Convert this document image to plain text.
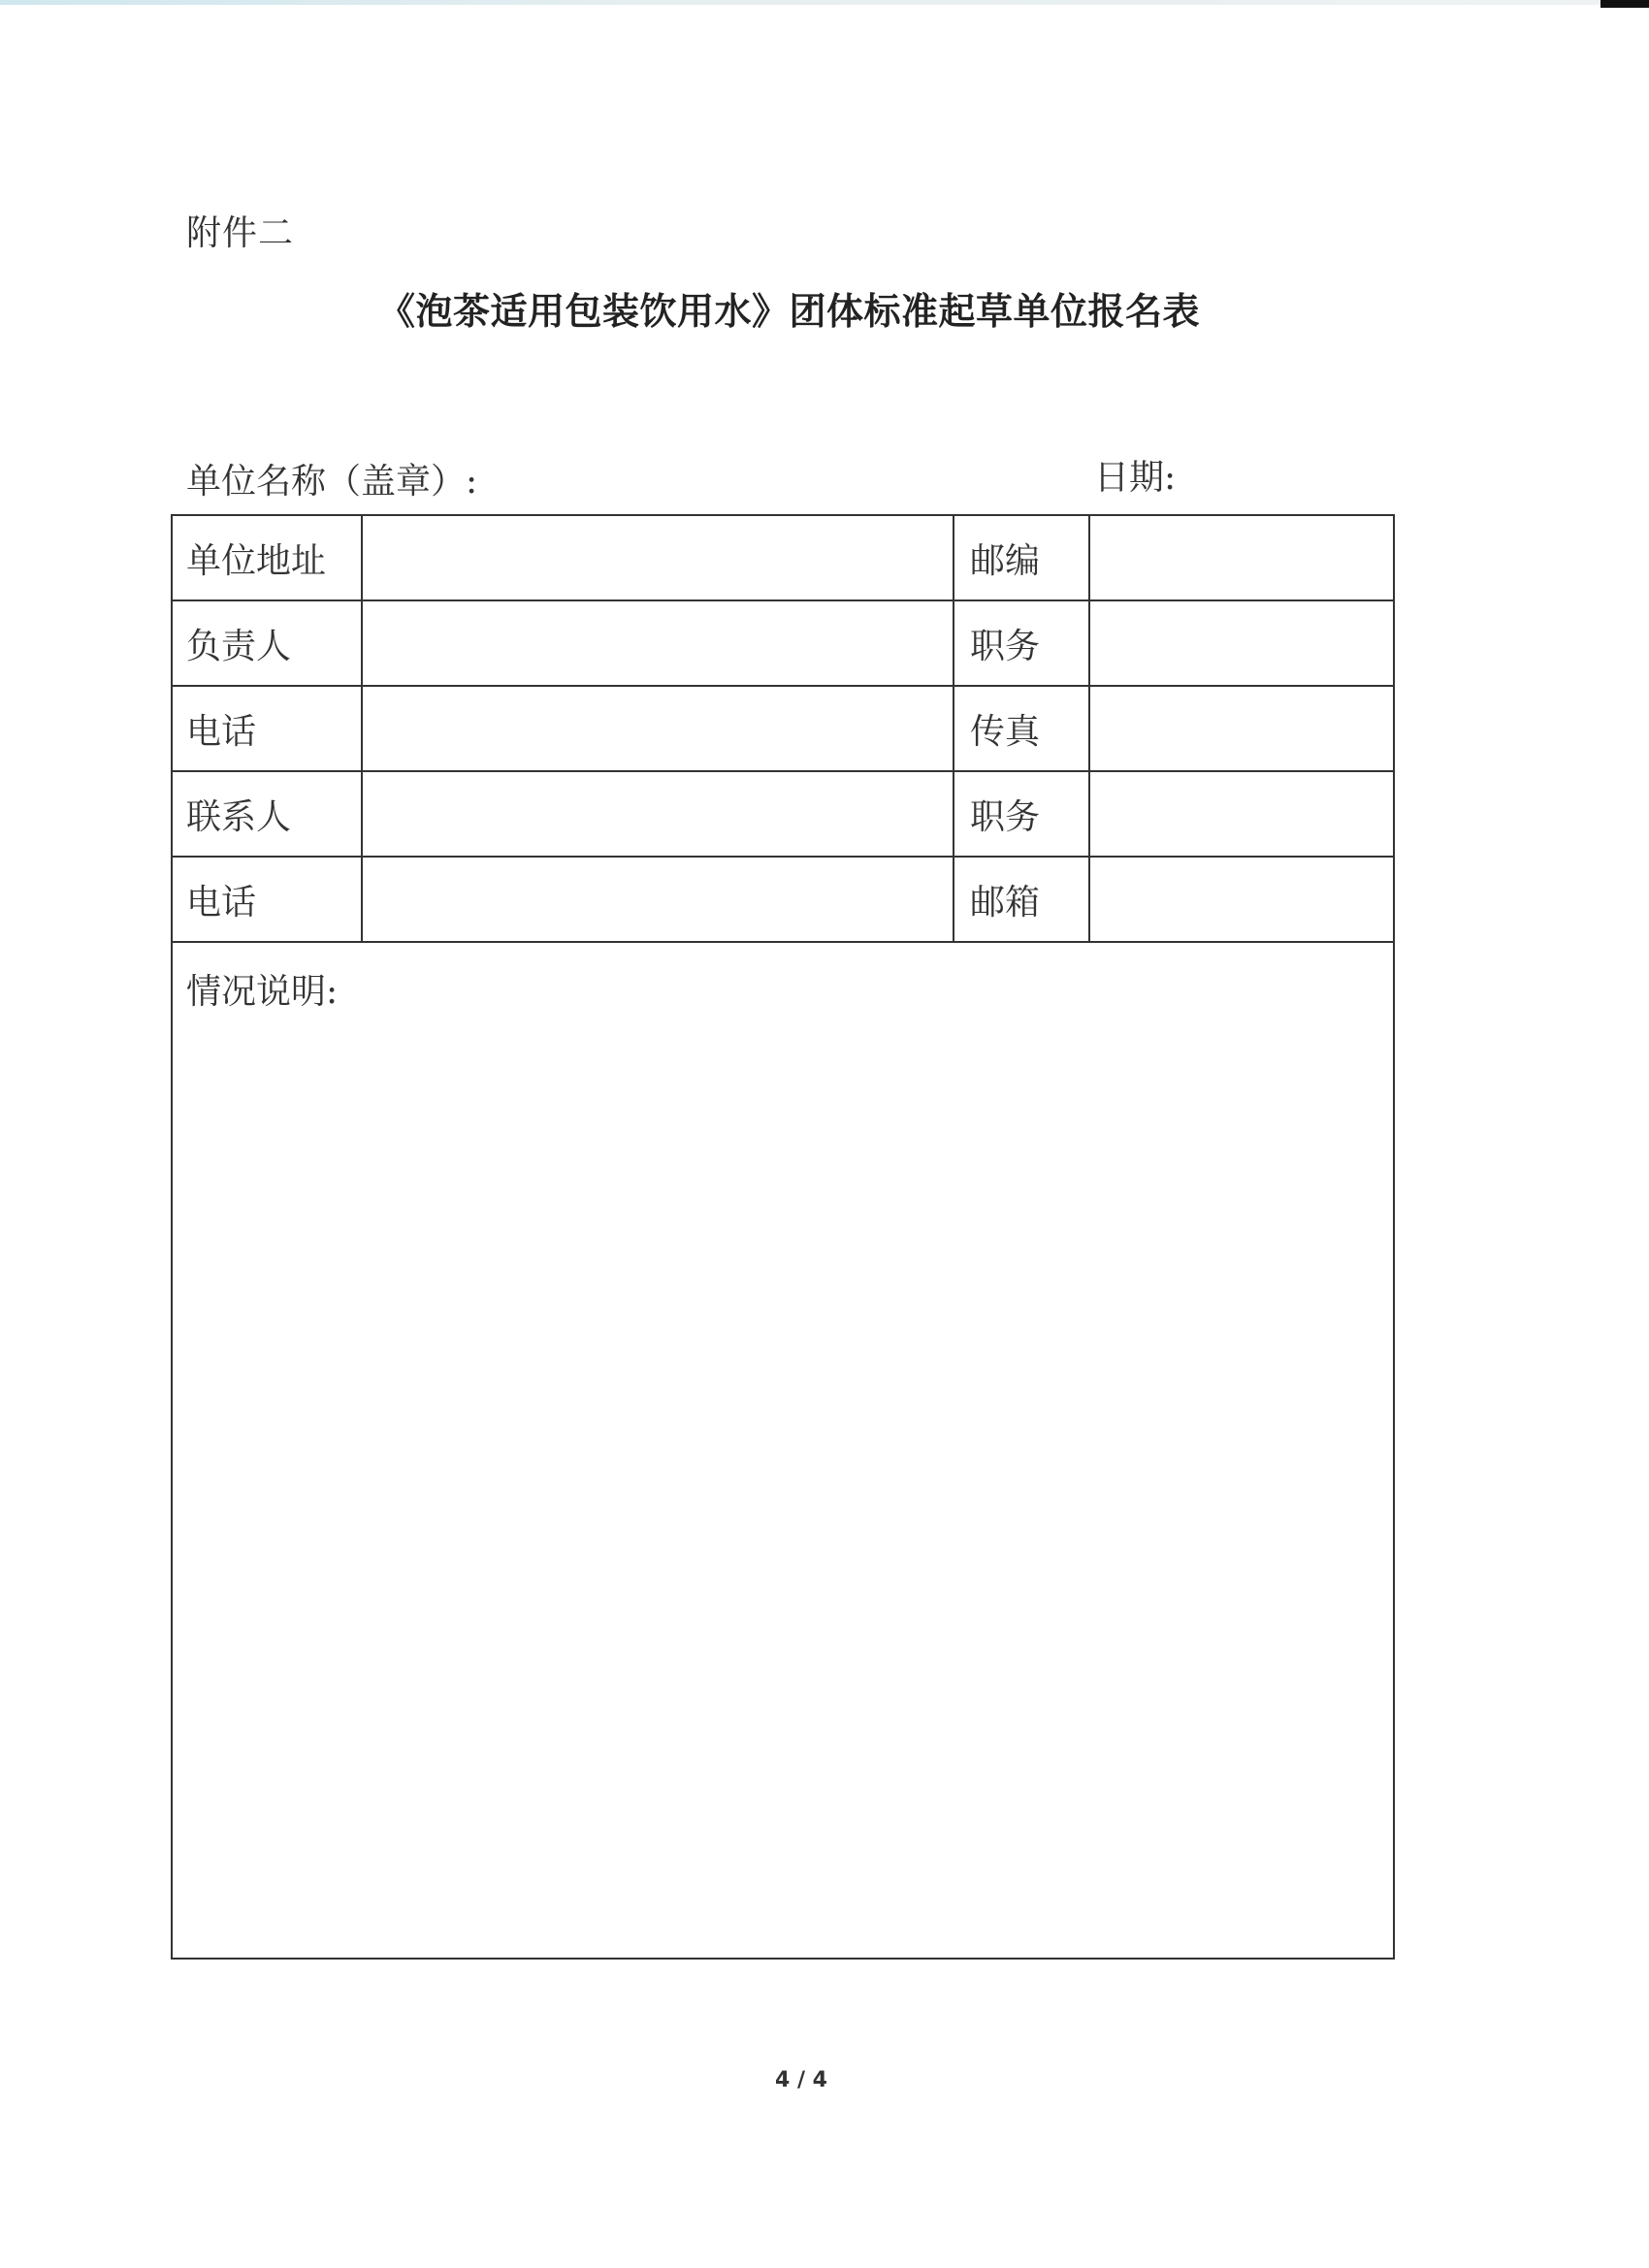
附件二
《泡茶适用包装饮用水》团体标准起草单位报名表
单位名称（盖章）:	日期:
单位地址	邮编
负责人	职务
电话	传真
联系人	职务
电话	邮箱
情况说明:
4 / 4
